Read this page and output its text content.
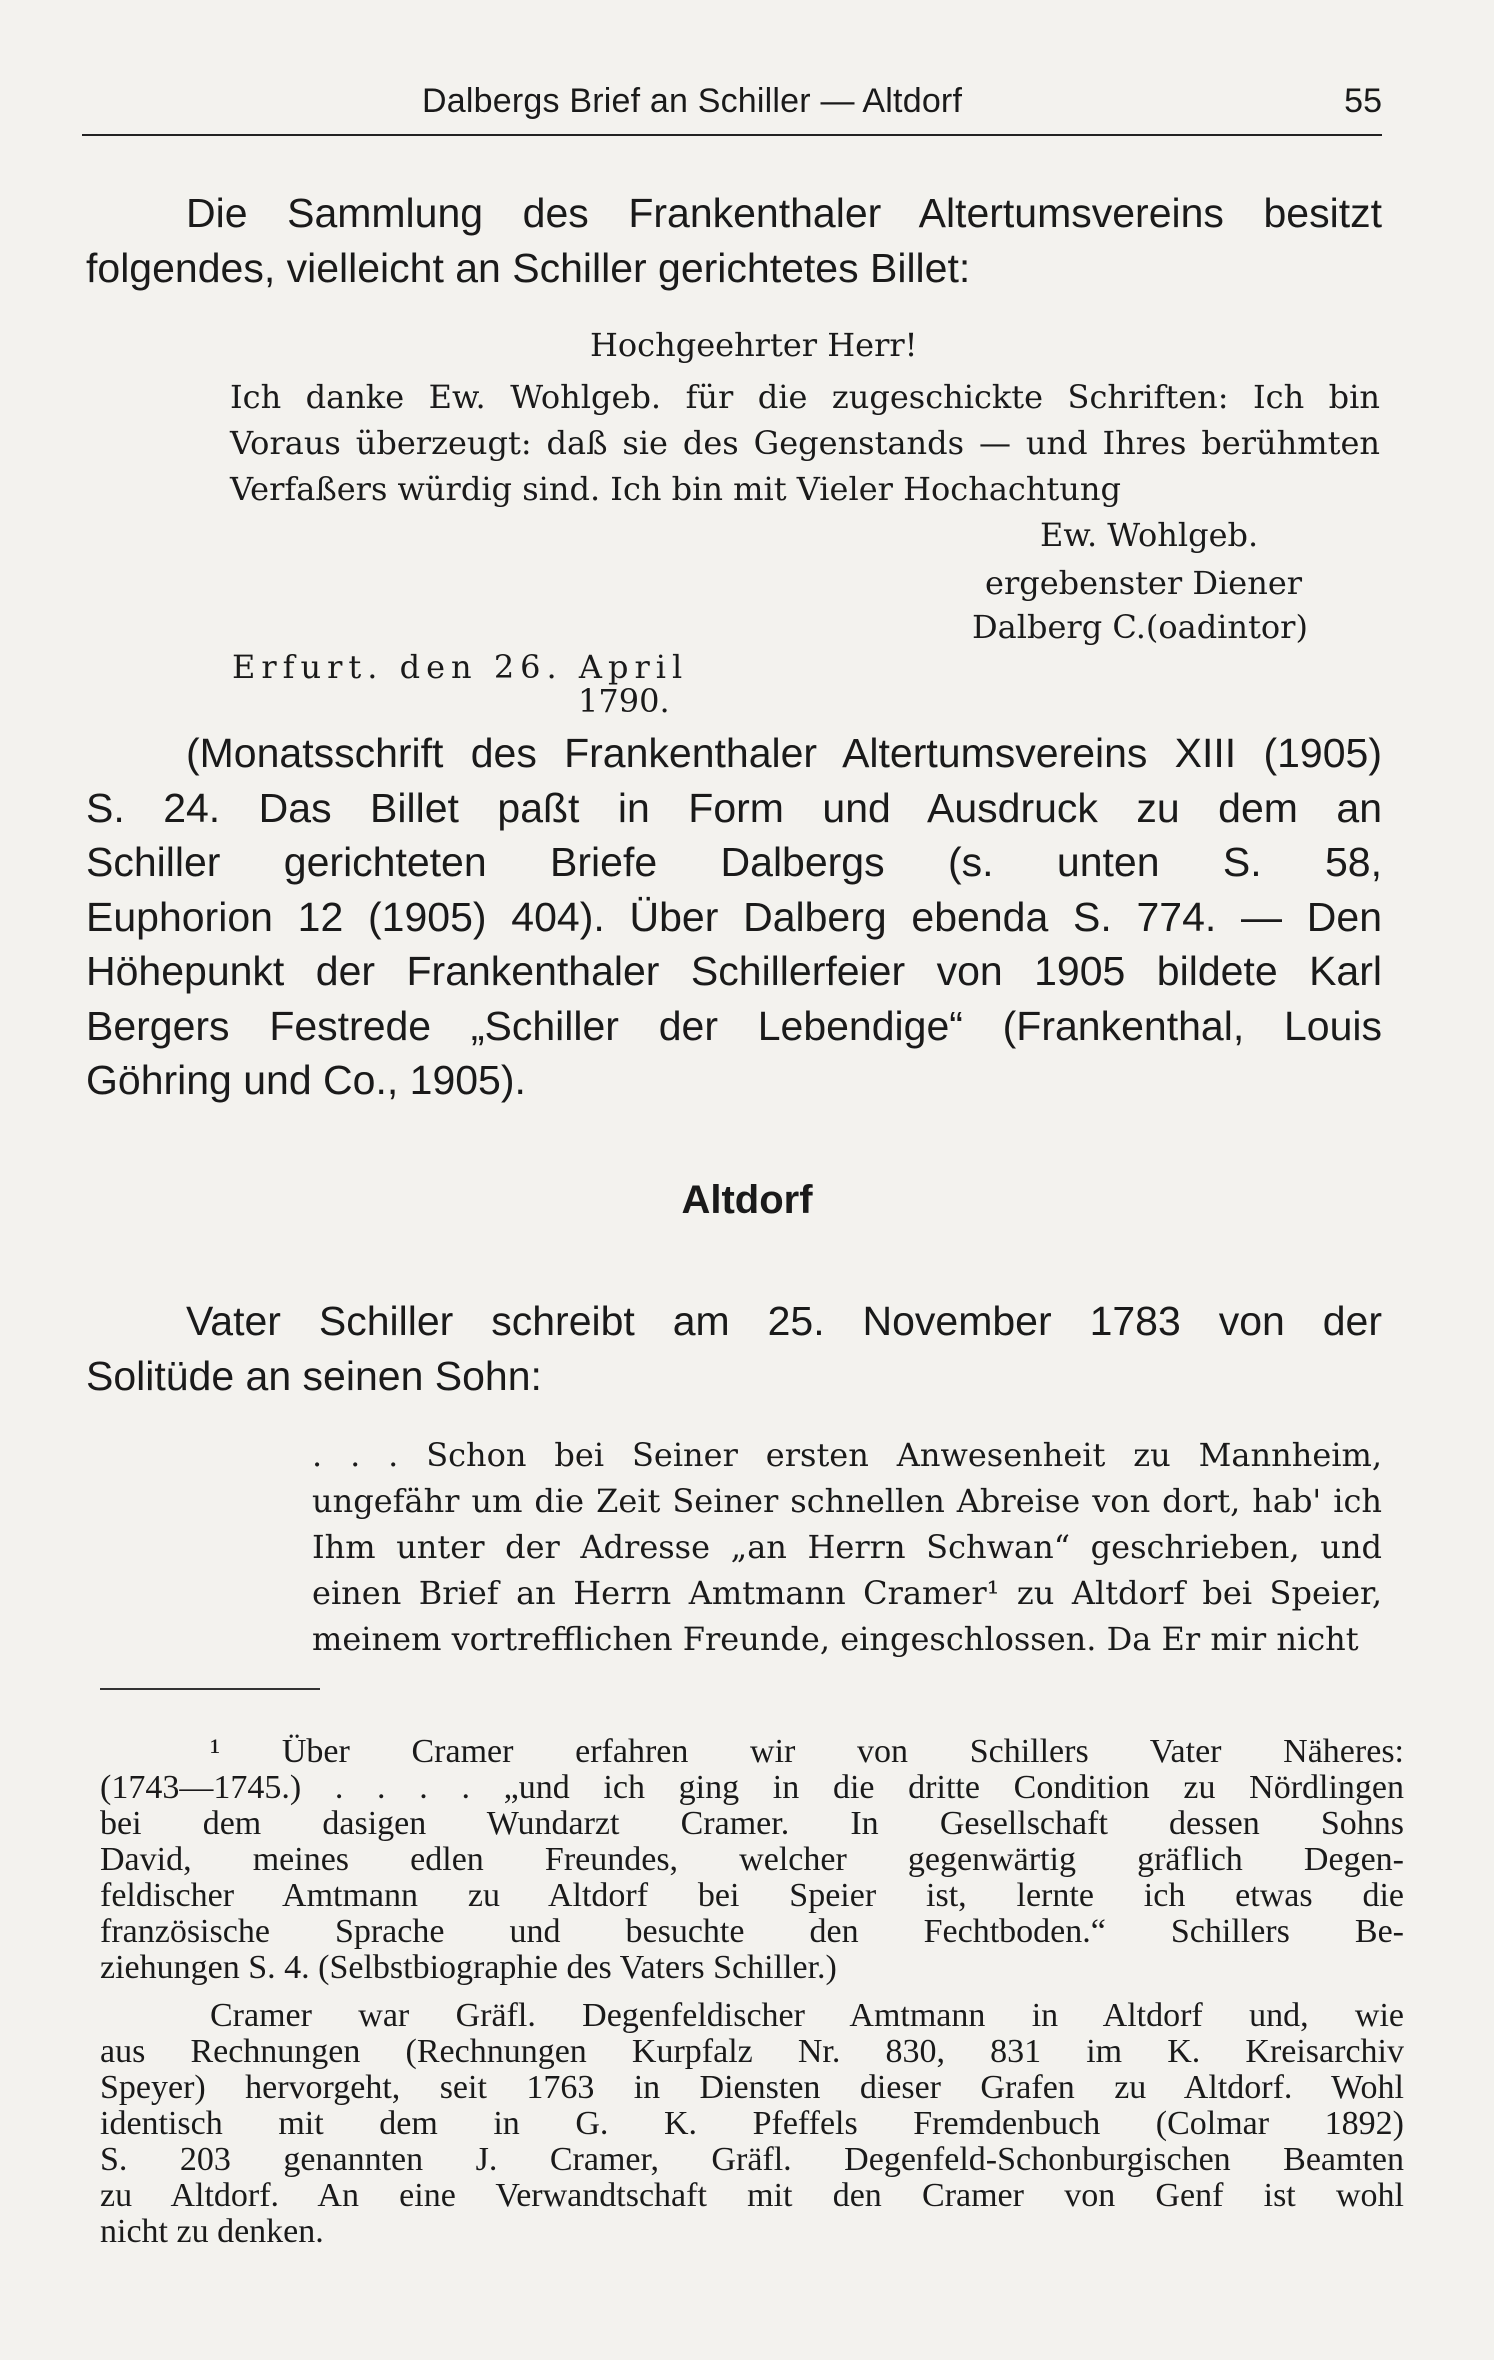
Dalbergs Brief an Schiller — Altdorf	55
Die Sammlung des Frankenthaler Altertumsvereins besitzt
folgendes, vielleicht an Schiller gerichtetes Billet:
Hochgeehrter Herr!
Ich danke Ew. Wohlgeb. für die zugeschickte Schriften: Ich bin
Voraus überzeugt: daß sie des Gegenstands — und Ihres berühmten
Verfaßers würdig sind. Ich bin mit Vieler Hochachtung
Ew. Wohlgeb.
ergebenster Diener
Dalberg C.(oadintor)
Erfurt. den 26. April
1790.
(Monatsschrift des Frankenthaler Altertumsvereins XIII (1905)
S. 24. Das Billet paßt in Form und Ausdruck zu dem an
Schiller gerichteten Briefe Dalbergs (s. unten S. 58,
Euphorion 12 (1905) 404). Über Dalberg ebenda S. 774. — Den
Höhepunkt der Frankenthaler Schillerfeier von 1905 bildete Karl
Bergers Festrede „Schiller der Lebendige“ (Frankenthal, Louis
Göhring und Co., 1905).
Altdorf
Vater Schiller schreibt am 25. November 1783 von der
Solitüde an seinen Sohn:
. . . Schon bei Seiner ersten Anwesenheit zu Mannheim,
ungefähr um die Zeit Seiner schnellen Abreise von dort, hab' ich
Ihm unter der Adresse „an Herrn Schwan“ geschrieben, und
einen Brief an Herrn Amtmann Cramer¹ zu Altdorf bei Speier,
meinem vortrefflichen Freunde, eingeschlossen. Da Er mir nicht
¹ Über Cramer erfahren wir von Schillers Vater Näheres:
(1743—1745.) . . . . „und ich ging in die dritte Condition zu Nördlingen
bei dem dasigen Wundarzt Cramer. In Gesellschaft dessen Sohns
David, meines edlen Freundes, welcher gegenwärtig gräflich Degen-
feldischer Amtmann zu Altdorf bei Speier ist, lernte ich etwas die
französische Sprache und besuchte den Fechtboden.“ Schillers Be-
ziehungen S. 4. (Selbstbiographie des Vaters Schiller.)
Cramer war Gräfl. Degenfeldischer Amtmann in Altdorf und, wie
aus Rechnungen (Rechnungen Kurpfalz Nr. 830, 831 im K. Kreisarchiv
Speyer) hervorgeht, seit 1763 in Diensten dieser Grafen zu Altdorf. Wohl
identisch mit dem in G. K. Pfeffels Fremdenbuch (Colmar 1892)
S. 203 genannten J. Cramer, Gräfl. Degenfeld-Schonburgischen Beamten
zu Altdorf. An eine Verwandtschaft mit den Cramer von Genf ist wohl
nicht zu denken.
